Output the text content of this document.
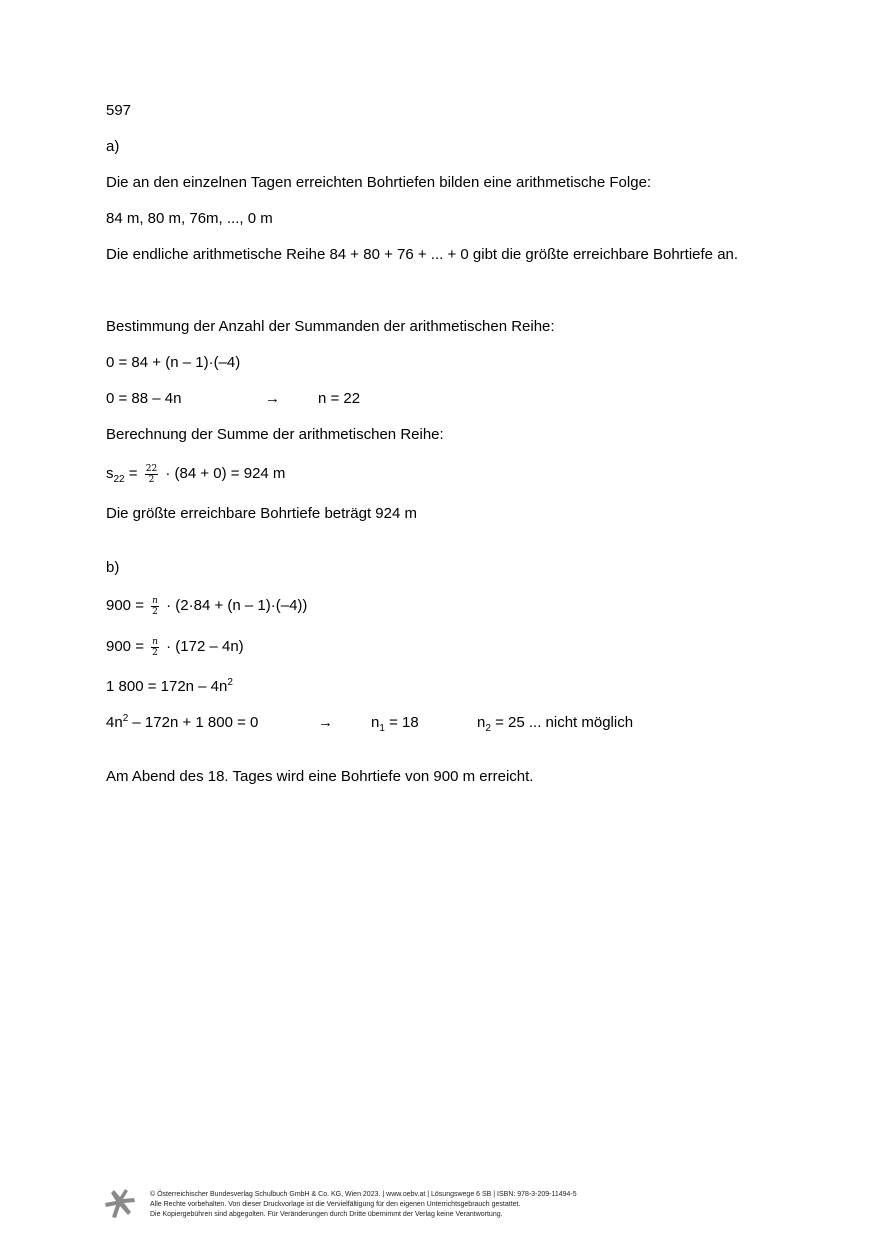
597
a)
Die an den einzelnen Tagen erreichten Bohrtiefen bilden eine arithmetische Folge:
84 m, 80 m, 76m, ..., 0 m
Die endliche arithmetische Reihe 84 + 80 + 76 + ... + 0 gibt die größte erreichbare Bohrtiefe an.
Bestimmung der Anzahl der Summanden der arithmetischen Reihe:
0 = 84 + (n – 1)·(–4)
0 = 88 – 4n	→	n = 22
Berechnung der Summe der arithmetischen Reihe:
$s_{22} = \frac{22}{2} \cdot (84 + 0) = 924$ m
Die größte erreichbare Bohrtiefe beträgt 924 m
b)
$900 = \frac{n}{2} \cdot (2\cdot 84 + (n - 1)\cdot(-4))$
$900 = \frac{n}{2} \cdot (172 - 4n)$
1 $800 = 172n - 4n^2$
$4n^2 - 172n + 1$ 800 = 0	→	$n_1 = 18$	$n_2 = 25$ ... nicht möglich
Am Abend des 18. Tages wird eine Bohrtiefe von 900 m erreicht.
© Österreichischer Bundesverlag Schulbuch GmbH & Co. KG, Wien 2023. | www.oebv.at | Lösungswege 6 SB | ISBN: 978-3-209-11494-5
Alle Rechte vorbehalten. Von dieser Druckvorlage ist die Vervielfältigung für den eigenen Unterrichtsgebrauch gestattet.
Die Kopiergebühren sind abgegolten. Für Veränderungen durch Dritte übernimmt der Verlag keine Verantwortung.
